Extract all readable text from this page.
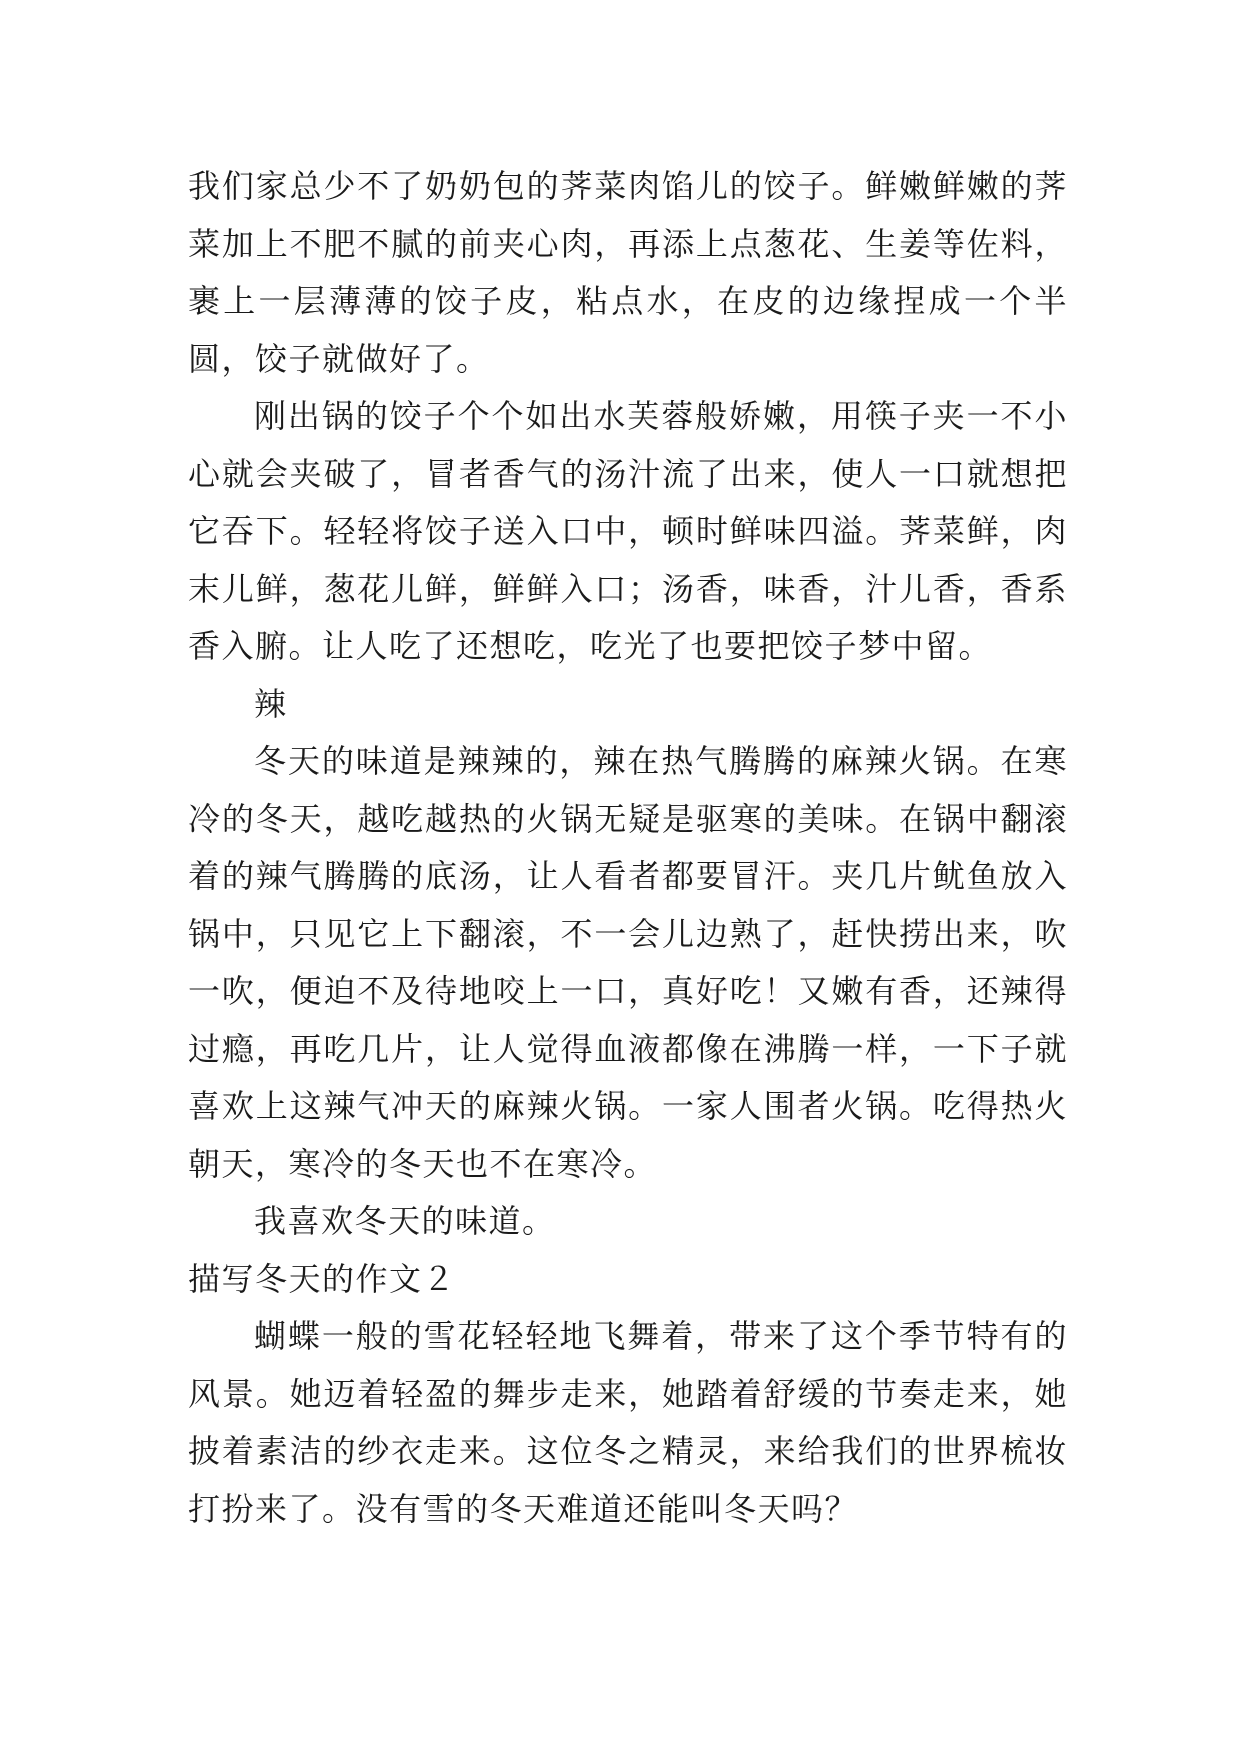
我们家总少不了奶奶包的荠菜肉馅儿的饺子。鲜嫩鲜嫩的荠菜加上不肥不腻的前夹心肉，再添上点葱花、生姜等佐料，裹上一层薄薄的饺子皮，粘点水，在皮的边缘捏成一个半圆，饺子就做好了。

刚出锅的饺子个个如出水芙蓉般娇嫩，用筷子夹一不小心就会夹破了，冒者香气的汤汁流了出来，使人一口就想把它吞下。轻轻将饺子送入口中，顿时鲜味四溢。荠菜鲜，肉末儿鲜，葱花儿鲜，鲜鲜入口；汤香，味香，汁儿香，香系香入腑。让人吃了还想吃，吃光了也要把饺子梦中留。

辣

冬天的味道是辣辣的，辣在热气腾腾的麻辣火锅。在寒冷的冬天，越吃越热的火锅无疑是驱寒的美味。在锅中翻滚着的辣气腾腾的底汤，让人看者都要冒汗。夹几片鱿鱼放入锅中，只见它上下翻滚，不一会儿边熟了，赶快捞出来，吹一吹，便迫不及待地咬上一口，真好吃！又嫩有香，还辣得过瘾，再吃几片，让人觉得血液都像在沸腾一样，一下子就喜欢上这辣气冲天的麻辣火锅。一家人围者火锅。吃得热火朝天，寒冷的冬天也不在寒冷。

我喜欢冬天的味道。

描写冬天的作文２

蝴蝶一般的雪花轻轻地飞舞着，带来了这个季节特有的风景。她迈着轻盈的舞步走来，她踏着舒缓的节奏走来，她披着素洁的纱衣走来。这位冬之精灵，来给我们的世界梳妆打扮来了。没有雪的冬天难道还能叫冬天吗？
